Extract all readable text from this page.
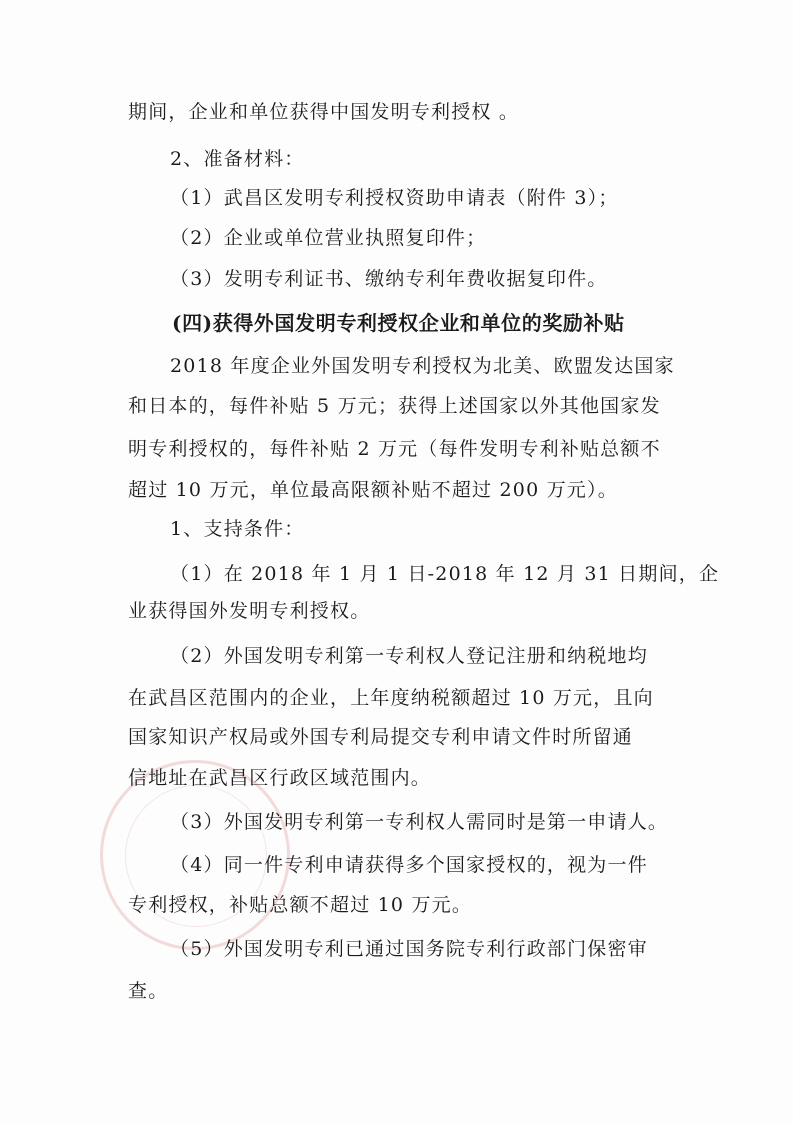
期间，企业和单位获得中国发明专利授权 。
2、准备材料：
（1）武昌区发明专利授权资助申请表（附件 3）；
（2）企业或单位营业执照复印件；
（3）发明专利证书、缴纳专利年费收据复印件。
(四)获得外国发明专利授权企业和单位的奖励补贴
2018 年度企业外国发明专利授权为北美、欧盟发达国家
和日本的，每件补贴 5 万元；获得上述国家以外其他国家发
明专利授权的，每件补贴 2 万元（每件发明专利补贴总额不
超过 10 万元，单位最高限额补贴不超过 200 万元）。
1、支持条件：
（1）在 2018 年 1 月 1 日-2018 年 12 月 31 日期间，企
业获得国外发明专利授权。
（2）外国发明专利第一专利权人登记注册和纳税地均
在武昌区范围内的企业，上年度纳税额超过 10 万元，且向
国家知识产权局或外国专利局提交专利申请文件时所留通
信地址在武昌区行政区域范围内。
（3）外国发明专利第一专利权人需同时是第一申请人。
（4）同一件专利申请获得多个国家授权的，视为一件
专利授权，补贴总额不超过 10 万元。
（5）外国发明专利已通过国务院专利行政部门保密审
查。
